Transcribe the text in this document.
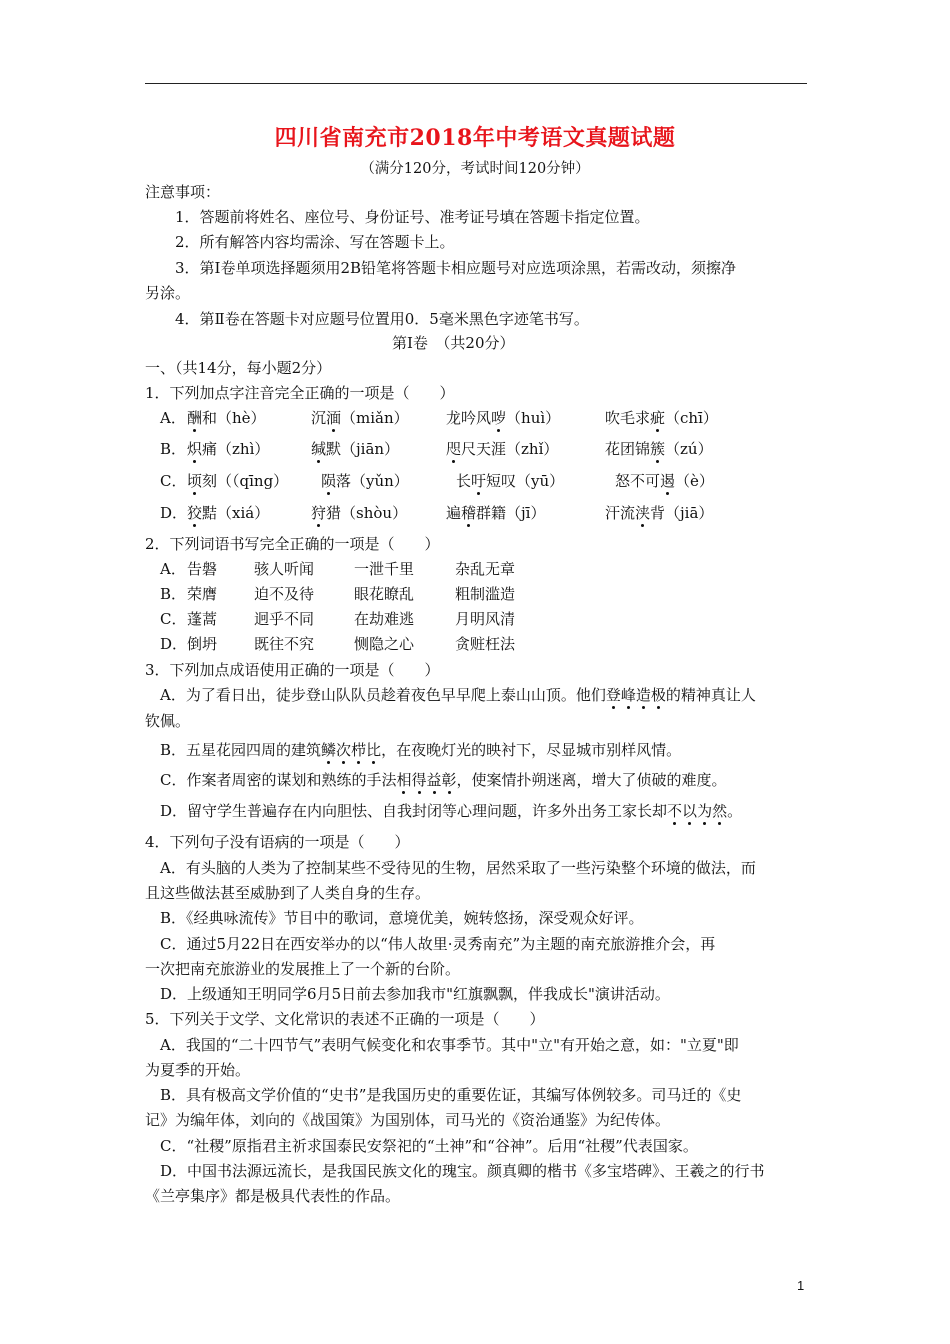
四川省南充市2018年中考语文真题试题
（满分120分，考试时间120分钟）
注意事项：
1．答题前将姓名、座位号、身份证号、准考证号填在答题卡指定位置。
2．所有解答内容均需涂、写在答题卡上。
3．第Ⅰ卷单项选择题须用2B铅笔将答题卡相应题号对应选项涂黑，若需改动，须擦净
另涂。
4．第Ⅱ卷在答题卡对应题号位置用0．5毫米黑色字迹笔书写。
第Ⅰ卷　（共20分）
一、（共14分，每小题2分）
1．下列加点字注音完全正确的一项是（　　）
A． 酬和（hè）	沉湎（miǎn） 龙吟风哕（huì）	吹毛求疵（chī）
B． 炽痛（zhì）	缄默（jiān）	咫尺天涯（zhǐ）	花团锦簇（zú）
C． 顷刻（（qīng） 陨落（yǔn）	长吁短叹（yū）	怒不可遏（è）
D． 狡黠（xiá）	狩猎（shòu）	遍稽群籍（jī）	汗流浃背（jiā）
2．下列词语书写完全正确的一项是（　　）
A． 告磐 骇人听闻	一泄千里	杂乱无章
B． 荣膺 迫不及待	眼花瞭乱	粗制滥造
C． 蓬蒿 迥乎不同	在劫难逃	月明风清
D． 倒坍 既往不究	恻隐之心	贪赃枉法
3．下列加点成语使用正确的一项是（　　）
A．为了看日出，徒步登山队队员趁着夜色早早爬上泰山山顶。他们登峰造极的精神真让人
钦佩。
B．五星花园四周的建筑鳞次栉比，在夜晚灯光的映衬下，尽显城市别样风情。
C．作案者周密的谋划和熟练的手法相得益彰，使案情扑朔迷离，增大了侦破的难度。
D．留守学生普遍存在内向胆怯、自我封闭等心理问题，许多外出务工家长却不以为然。
4．下列句子没有语病的一项是（　　）
A．有头脑的人类为了控制某些不受待见的生物，居然采取了一些污染整个环境的做法，而
且这些做法甚至威胁到了人类自身的生存。
B．《经典咏流传》节目中的歌词，意境优美，婉转悠扬，深受观众好评。
C．通过5月22日在西安举办的以“伟人故里·灵秀南充”为主题的南充旅游推介会，再
一次把南充旅游业的发展推上了一个新的台阶。
D．上级通知王明同学6月5日前去参加我市"红旗飘飘，伴我成长"演讲活动。
5．下列关于文学、文化常识的表述不正确的一项是（　　）
A．我国的“二十四节气”表明气候变化和农事季节。其中"立"有开始之意，如："立夏"即
为夏季的开始。
B．具有极高文学价值的“史书”是我国历史的重要佐证，其编写体例较多。司马迁的《史
记》为编年体，刘向的《战国策》为国别体，司马光的《资治通鉴》为纪传体。
C．“社稷”原指君主祈求国泰民安祭祀的“土神”和“谷神”。后用“社稷”代表国家。
D．中国书法源远流长，是我国民族文化的瑰宝。颜真卿的楷书《多宝塔碑》、王羲之的行书
《兰亭集序》都是极具代表性的作品。
1
